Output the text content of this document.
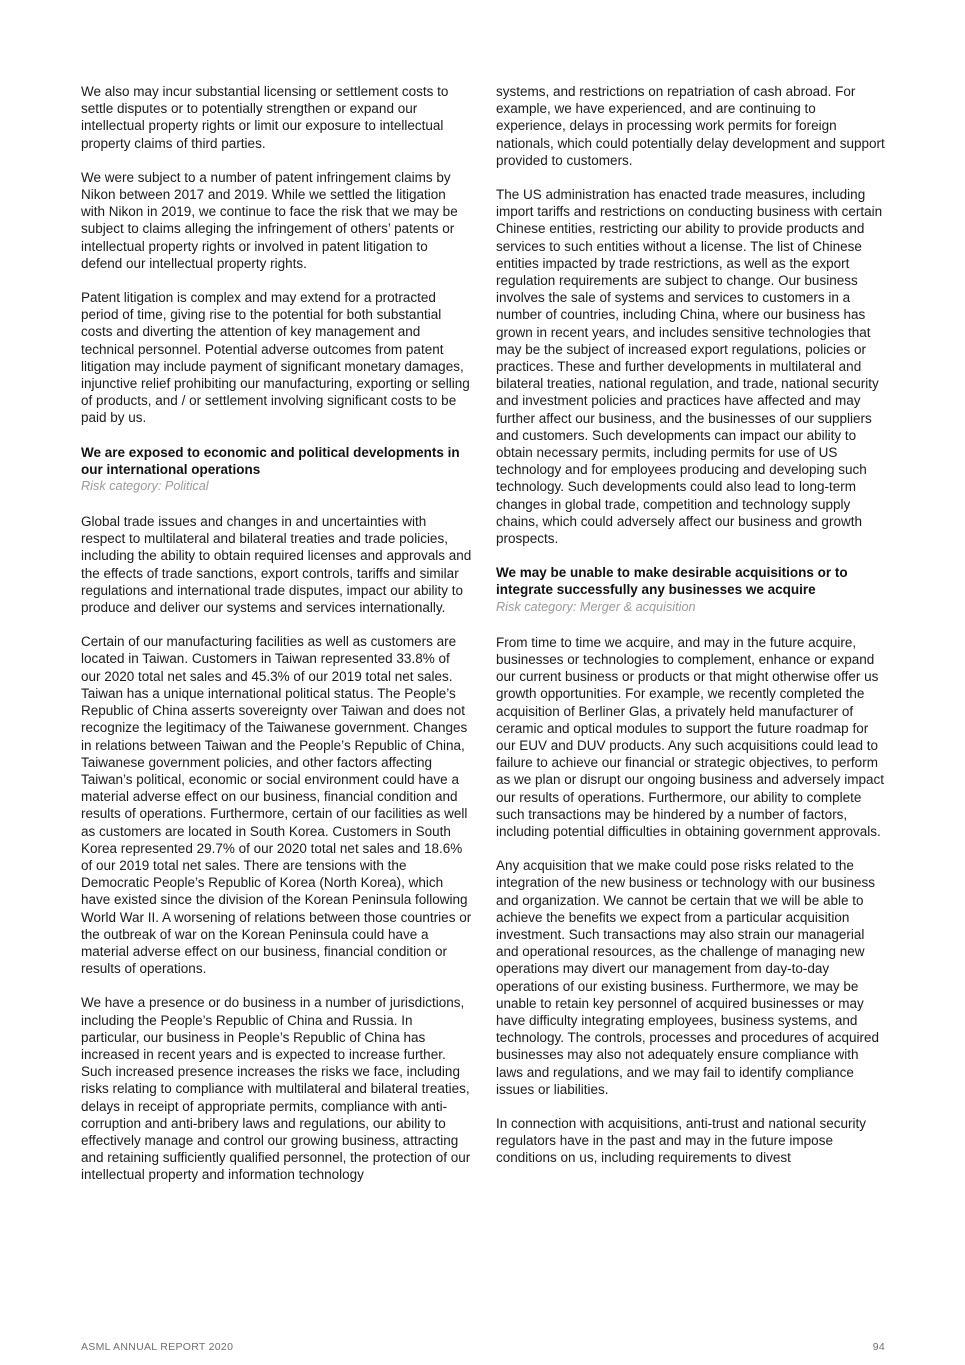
We also may incur substantial licensing or settlement costs to settle disputes or to potentially strengthen or expand our intellectual property rights or limit our exposure to intellectual property claims of third parties.

We were subject to a number of patent infringement claims by Nikon between 2017 and 2019. While we settled the litigation with Nikon in 2019, we continue to face the risk that we may be subject to claims alleging the infringement of others’ patents or intellectual property rights or involved in patent litigation to defend our intellectual property rights.

Patent litigation is complex and may extend for a protracted period of time, giving rise to the potential for both substantial costs and diverting the attention of key management and technical personnel. Potential adverse outcomes from patent litigation may include payment of significant monetary damages, injunctive relief prohibiting our manufacturing, exporting or selling of products, and / or settlement involving significant costs to be paid by us.

We are exposed to economic and political developments in our international operations

Risk category: Political

Global trade issues and changes in and uncertainties with respect to multilateral and bilateral treaties and trade policies, including the ability to obtain required licenses and approvals and the effects of trade sanctions, export controls, tariffs and similar regulations and international trade disputes, impact our ability to produce and deliver our systems and services internationally.

Certain of our manufacturing facilities as well as customers are located in Taiwan. Customers in Taiwan represented 33.8% of our 2020 total net sales and 45.3% of our 2019 total net sales. Taiwan has a unique international political status. The People’s Republic of China asserts sovereignty over Taiwan and does not recognize the legitimacy of the Taiwanese government. Changes in relations between Taiwan and the People’s Republic of China, Taiwanese government policies, and other factors affecting Taiwan’s political, economic or social environment could have a material adverse effect on our business, financial condition and results of operations. Furthermore, certain of our facilities as well as customers are located in South Korea. Customers in South Korea represented 29.7% of our 2020 total net sales and 18.6% of our 2019 total net sales. There are tensions with the Democratic People’s Republic of Korea (North Korea), which have existed since the division of the Korean Peninsula following World War II. A worsening of relations between those countries or the outbreak of war on the Korean Peninsula could have a material adverse effect on our business, financial condition or results of operations.

We have a presence or do business in a number of jurisdictions, including the People’s Republic of China and Russia. In particular, our business in People’s Republic of China has increased in recent years and is expected to increase further. Such increased presence increases the risks we face, including risks relating to compliance with multilateral and bilateral treaties, delays in receipt of appropriate permits, compliance with anti-corruption and anti-bribery laws and regulations, our ability to effectively manage and control our growing business, attracting and retaining sufficiently qualified personnel, the protection of our intellectual property and information technology

systems, and restrictions on repatriation of cash abroad. For example, we have experienced, and are continuing to experience, delays in processing work permits for foreign nationals, which could potentially delay development and support provided to customers.

The US administration has enacted trade measures, including import tariffs and restrictions on conducting business with certain Chinese entities, restricting our ability to provide products and services to such entities without a license. The list of Chinese entities impacted by trade restrictions, as well as the export regulation requirements are subject to change. Our business involves the sale of systems and services to customers in a number of countries, including China, where our business has grown in recent years, and includes sensitive technologies that may be the subject of increased export regulations, policies or practices. These and further developments in multilateral and bilateral treaties, national regulation, and trade, national security and investment policies and practices have affected and may further affect our business, and the businesses of our suppliers and customers. Such developments can impact our ability to obtain necessary permits, including permits for use of US technology and for employees producing and developing such technology. Such developments could also lead to long-term changes in global trade, competition and technology supply chains, which could adversely affect our business and growth prospects.

We may be unable to make desirable acquisitions or to integrate successfully any businesses we acquire

Risk category: Merger & acquisition

From time to time we acquire, and may in the future acquire, businesses or technologies to complement, enhance or expand our current business or products or that might otherwise offer us growth opportunities. For example, we recently completed the acquisition of Berliner Glas, a privately held manufacturer of ceramic and optical modules to support the future roadmap for our EUV and DUV products. Any such acquisitions could lead to failure to achieve our financial or strategic objectives, to perform as we plan or disrupt our ongoing business and adversely impact our results of operations. Furthermore, our ability to complete such transactions may be hindered by a number of factors, including potential difficulties in obtaining government approvals.

Any acquisition that we make could pose risks related to the integration of the new business or technology with our business and organization. We cannot be certain that we will be able to achieve the benefits we expect from a particular acquisition investment. Such transactions may also strain our managerial and operational resources, as the challenge of managing new operations may divert our management from day-to-day operations of our existing business. Furthermore, we may be unable to retain key personnel of acquired businesses or may have difficulty integrating employees, business systems, and technology. The controls, processes and procedures of acquired businesses may also not adequately ensure compliance with laws and regulations, and we may fail to identify compliance issues or liabilities.

In connection with acquisitions, anti-trust and national security regulators have in the past and may in the future impose conditions on us, including requirements to divest

ASML ANNUAL REPORT 2020	94
